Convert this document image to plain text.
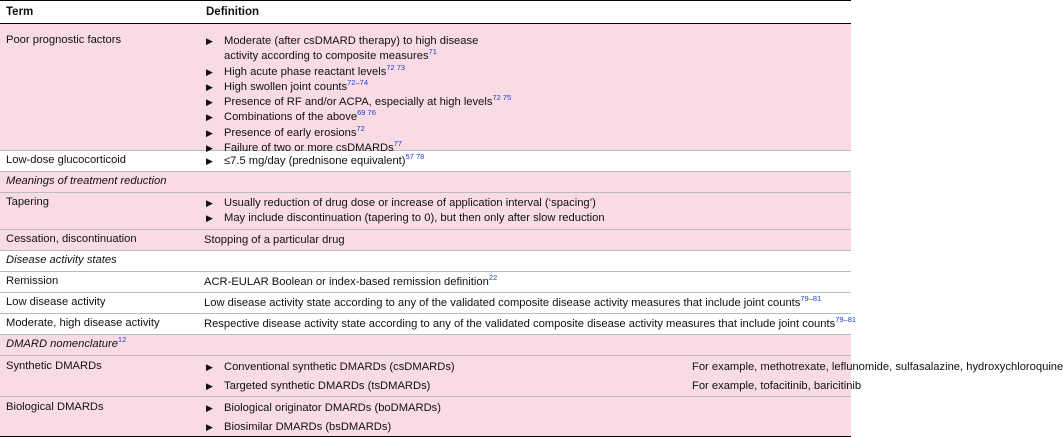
Term	Definition
Poor prognostic factors	▶ Moderate (after csDMARD therapy) to high disease
activity according to composite measures$^{71}$
▶ High acute phase reactant levels$^{72 73}$
▶ High swollen joint counts$^{72-74}$
▶ Presence of RF and/or ACPA, especially at high levels$^{72 75}$
▶ Combinations of the above$^{69 76}$
▶ Presence of early erosions$^{72}$
▶ Failure of two or more csDMARDs$^{77}$
Low-dose glucocorticoid	▶ ≤7.5 mg/day (prednisone equivalent)$^{57 78}$
Meanings of treatment reduction
Tapering	▶ Usually reduction of drug dose or increase of application interval (‘spacing’)
▶ May include discontinuation (tapering to 0), but then only after slow reduction
Cessation, discontinuation	Stopping of a particular drug
Disease activity states
Remission	ACR-EULAR Boolean or index-based remission definition$^{22}$
Low disease activity	Low disease activity state according to any of the validated composite disease activity measures that include joint counts$^{79-81}$
Moderate, high disease activity	Respective disease activity state according to any of the validated composite disease activity measures that include joint counts$^{79-81}$
DMARD nomenclature$^{12}$
Synthetic DMARDs	▶ Conventional synthetic DMARDs (csDMARDs)	For example, methotrexate, leflunomide, sulfasalazine, hydroxychloroquine
▶ Targeted synthetic DMARDs (tsDMARDs)	For example, tofacitinib, baricitinib
Biological DMARDs	▶ Biological originator DMARDs (boDMARDs)
▶ Biosimilar DMARDs (bsDMARDs)
